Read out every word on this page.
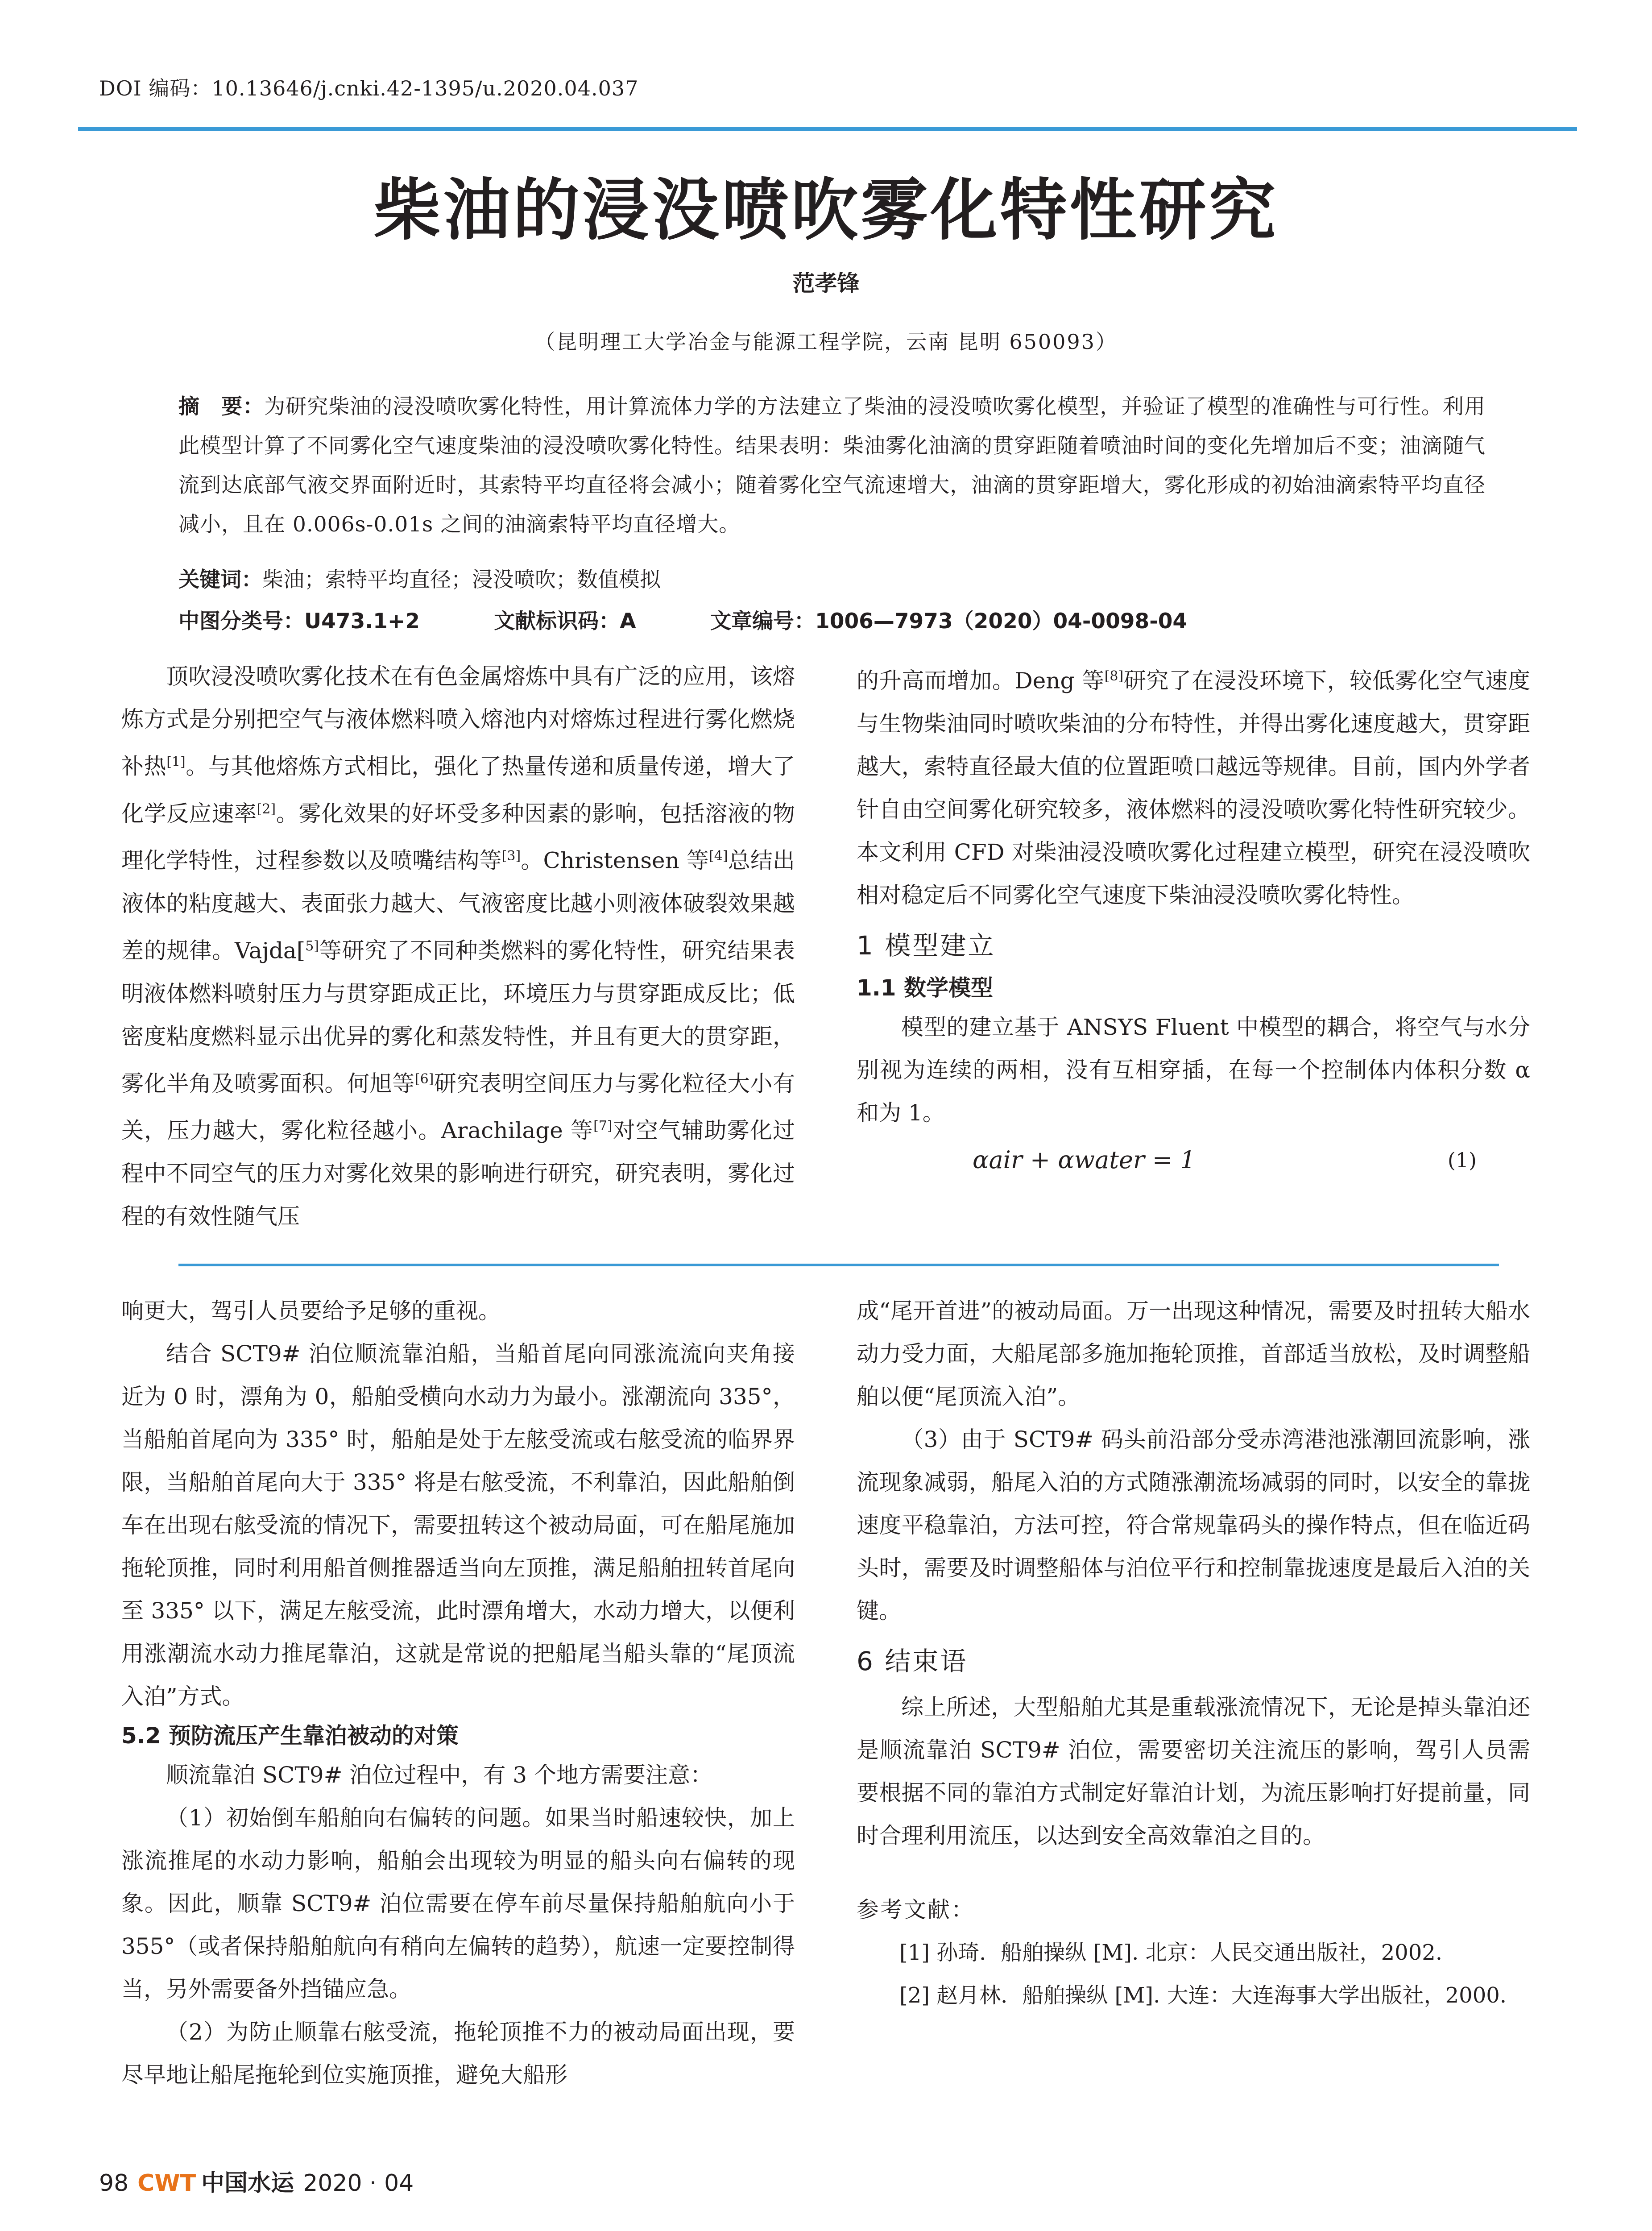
DOI 编码：10.13646/j.cnki.42-1395/u.2020.04.037
柴油的浸没喷吹雾化特性研究
范孝锋
（昆明理工大学冶金与能源工程学院，云南 昆明 650093）
摘　要：为研究柴油的浸没喷吹雾化特性，用计算流体力学的方法建立了柴油的浸没喷吹雾化模型，并验证了模型的准确性与可行性。利用此模型计算了不同雾化空气速度柴油的浸没喷吹雾化特性。结果表明：柴油雾化油滴的贯穿距随着喷油时间的变化先增加后不变；油滴随气流到达底部气液交界面附近时，其索特平均直径将会减小；随着雾化空气流速增大，油滴的贯穿距增大，雾化形成的初始油滴索特平均直径减小，且在 0.006s-0.01s 之间的油滴索特平均直径增大。
关键词：柴油；索特平均直径；浸没喷吹；数值模拟
中图分类号：U473.1+2	文献标识码：A	文章编号：1006—7973（2020）04-0098-04

顶吹浸没喷吹雾化技术在有色金属熔炼中具有广泛的应用，该熔炼方式是分别把空气与液体燃料喷入熔池内对熔炼过程进行雾化燃烧补热[1]。与其他熔炼方式相比，强化了热量传递和质量传递，增大了化学反应速率[2]。雾化效果的好坏受多种因素的影响，包括溶液的物理化学特性，过程参数以及喷嘴结构等[3]。Christensen 等[4]总结出液体的粘度越大、表面张力越大、气液密度比越小则液体破裂效果越差的规律。Vajda[$^{5]}$等研究了不同种类燃料的雾化特性，研究结果表明液体燃料喷射压力与贯穿距成正比，环境压力与贯穿距成反比；低密度粘度燃料显示出优异的雾化和蒸发特性，并且有更大的贯穿距，雾化半角及喷雾面积。何旭等[6]研究表明空间压力与雾化粒径大小有关，压力越大，雾化粒径越小。Arachilage 等[7]对空气辅助雾化过程中不同空气的压力对雾化效果的影响进行研究，研究表明，雾化过程的有效性随气压

的升高而增加。Deng 等[8]研究了在浸没环境下，较低雾化空气速度与生物柴油同时喷吹柴油的分布特性，并得出雾化速度越大，贯穿距越大，索特直径最大值的位置距喷口越远等规律。目前，国内外学者针自由空间雾化研究较多，液体燃料的浸没喷吹雾化特性研究较少。本文利用 CFD 对柴油浸没喷吹雾化过程建立模型，研究在浸没喷吹相对稳定后不同雾化空气速度下柴油浸没喷吹雾化特性。

1 模型建立
1.1 数学模型

模型的建立基于 ANSYS Fluent 中模型的耦合，将空气与水分别视为连续的两相，没有互相穿插，在每一个控制体内体积分数 α 和为 1。

αair + αwater = 1	(1)

响更大，驾引人员要给予足够的重视。

结合 SCT9# 泊位顺流靠泊船，当船首尾向同涨流流向夹角接近为 0 时，漂角为 0，船舶受横向水动力为最小。涨潮流向 335°，当船舶首尾向为 335° 时，船舶是处于左舷受流或右舷受流的临界界限，当船舶首尾向大于 335° 将是右舷受流，不利靠泊，因此船舶倒车在出现右舷受流的情况下，需要扭转这个被动局面，可在船尾施加拖轮顶推，同时利用船首侧推器适当向左顶推，满足船舶扭转首尾向至 335° 以下，满足左舷受流，此时漂角增大，水动力增大，以便利用涨潮流水动力推尾靠泊，这就是常说的把船尾当船头靠的“尾顶流入泊”方式。

5.2 预防流压产生靠泊被动的对策

顺流靠泊 SCT9# 泊位过程中，有 3 个地方需要注意：

（1）初始倒车船舶向右偏转的问题。如果当时船速较快，加上涨流推尾的水动力影响，船舶会出现较为明显的船头向右偏转的现象。因此，顺靠 SCT9# 泊位需要在停车前尽量保持船舶航向小于 355°（或者保持船舶航向有稍向左偏转的趋势），航速一定要控制得当，另外需要备外挡锚应急。

（2）为防止顺靠右舷受流，拖轮顶推不力的被动局面出现，要尽早地让船尾拖轮到位实施顶推，避免大船形

成“尾开首进”的被动局面。万一出现这种情况，需要及时扭转大船水动力受力面，大船尾部多施加拖轮顶推，首部适当放松，及时调整船舶以便“尾顶流入泊”。

（3）由于 SCT9# 码头前沿部分受赤湾港池涨潮回流影响，涨流现象减弱，船尾入泊的方式随涨潮流场减弱的同时，以安全的靠拢速度平稳靠泊，方法可控，符合常规靠码头的操作特点，但在临近码头时，需要及时调整船体与泊位平行和控制靠拢速度是最后入泊的关键。

6 结束语

综上所述，大型船舶尤其是重载涨流情况下，无论是掉头靠泊还是顺流靠泊 SCT9# 泊位，需要密切关注流压的影响，驾引人员需要根据不同的靠泊方式制定好靠泊计划，为流压影响打好提前量，同时合理利用流压，以达到安全高效靠泊之目的。

参考文献：
[1] 孙琦．船舶操纵 [M]. 北京：人民交通出版社，2002.
[2] 赵月林．船舶操纵 [M]. 大连：大连海事大学出版社，2000.
98 CWT 中国水运 2020 · 04
